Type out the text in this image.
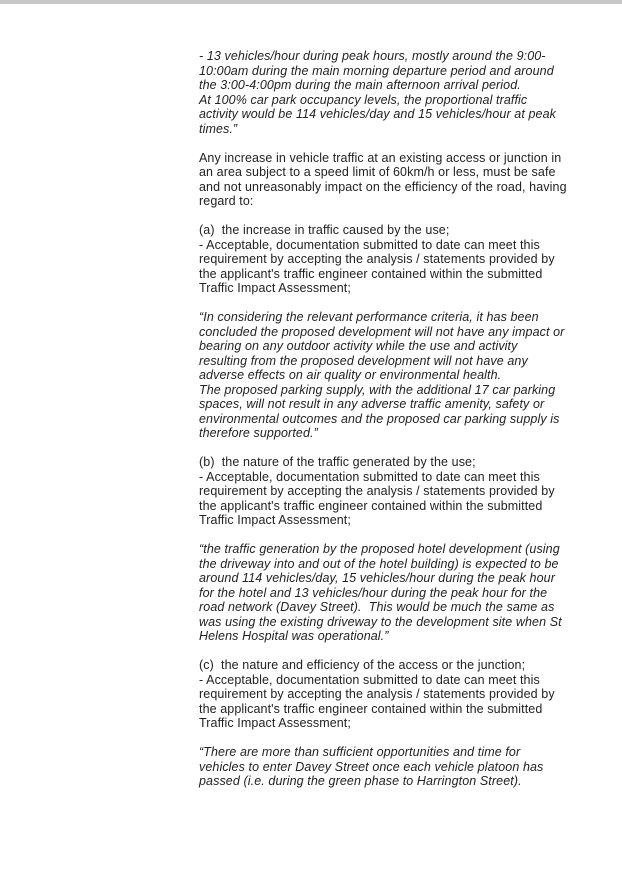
- 13 vehicles/hour during peak hours, mostly around the 9:00-
10:00am during the main morning departure period and around
the 3:00-4:00pm during the main afternoon arrival period.
At 100% car park occupancy levels, the proportional traffic
activity would be 114 vehicles/day and 15 vehicles/hour at peak
times.”
Any increase in vehicle traffic at an existing access or junction in
an area subject to a speed limit of 60km/h or less, must be safe
and not unreasonably impact on the efficiency of the road, having
regard to:
(a)  the increase in traffic caused by the use;
- Acceptable, documentation submitted to date can meet this
requirement by accepting the analysis / statements provided by
the applicant's traffic engineer contained within the submitted
Traffic Impact Assessment;
“In considering the relevant performance criteria, it has been
concluded the proposed development will not have any impact or
bearing on any outdoor activity while the use and activity
resulting from the proposed development will not have any
adverse effects on air quality or environmental health.
The proposed parking supply, with the additional 17 car parking
spaces, will not result in any adverse traffic amenity, safety or
environmental outcomes and the proposed car parking supply is
therefore supported.”
(b)  the nature of the traffic generated by the use;
- Acceptable, documentation submitted to date can meet this
requirement by accepting the analysis / statements provided by
the applicant's traffic engineer contained within the submitted
Traffic Impact Assessment;
“the traffic generation by the proposed hotel development (using
the driveway into and out of the hotel building) is expected to be
around 114 vehicles/day, 15 vehicles/hour during the peak hour
for the hotel and 13 vehicles/hour during the peak hour for the
road network (Davey Street).  This would be much the same as
was using the existing driveway to the development site when St
Helens Hospital was operational.”
(c)  the nature and efficiency of the access or the junction;
- Acceptable, documentation submitted to date can meet this
requirement by accepting the analysis / statements provided by
the applicant's traffic engineer contained within the submitted
Traffic Impact Assessment;
“There are more than sufficient opportunities and time for
vehicles to enter Davey Street once each vehicle platoon has
passed (i.e. during the green phase to Harrington Street).
